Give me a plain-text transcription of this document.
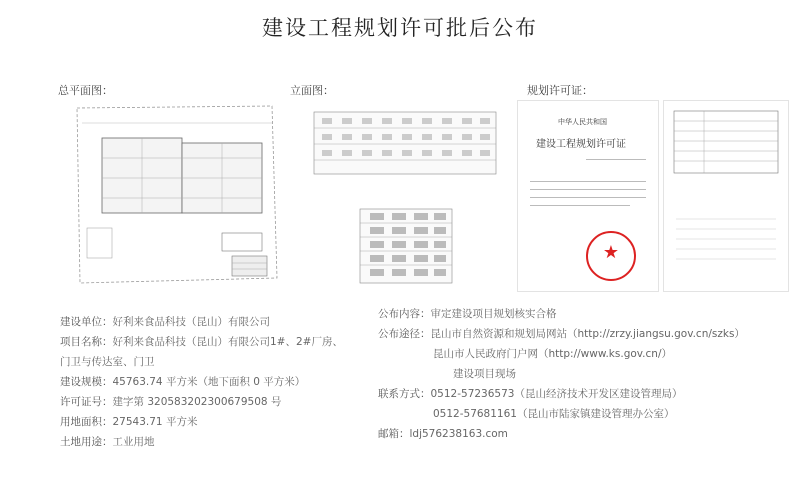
建设工程规划许可批后公布
总平面图：	立面图：	规划许可证：
中华人民共和国
建设工程规划许可证
★
建设单位：好利来食品科技（昆山）有限公司
项目名称：好利来食品科技（昆山）有限公司1#、2#厂房、
门卫与传达室、门卫
建设规模：45763.74 平方米（地下面积 0 平方米）
许可证号：建字第 320583202300679508 号
用地面积：27543.71 平方米
土地用途：工业用地
公布内容：审定建设项目规划核实合格
公布途径：昆山市自然资源和规划局网站（http://zrzy.jiangsu.gov.cn/szks）
昆山市人民政府门户网（http://www.ks.gov.cn/）
建设项目现场
联系方式：0512-57236573（昆山经济技术开发区建设管理局）
0512-57681161（昆山市陆家镇建设管理办公室）
邮箱：ldj576238163.com
